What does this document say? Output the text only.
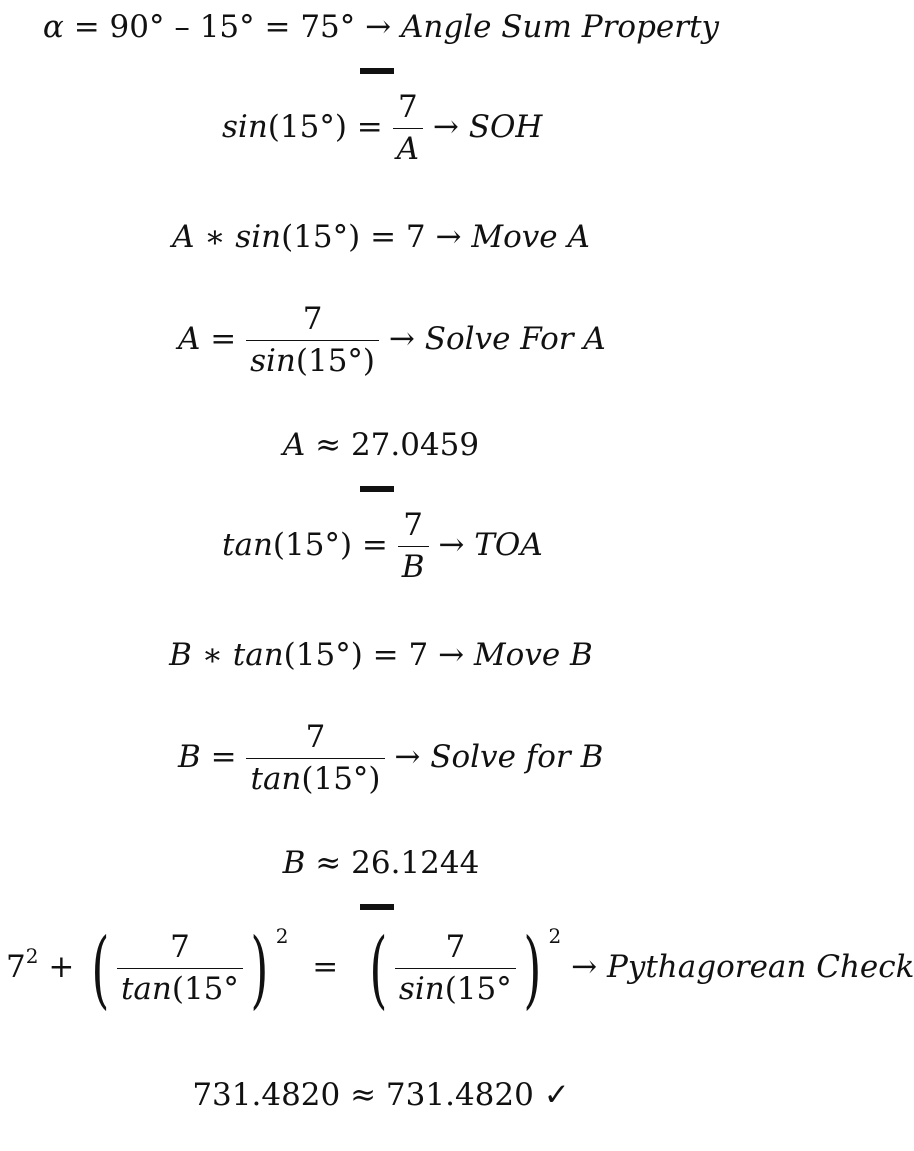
α = 90° – 15° = 75° → Angle Sum Property
$\sin(15^\circ) = \frac{7}{A}$ → SOH
A ∗ sin(15°) = 7 → Move A
$A = \frac{7}{\sin(15^\circ)}$ → Solve For A
A ≈ 27.0459
$\tan(15^\circ) = \frac{7}{B}$ → TOA
B ∗ tan(15°) = 7 → Move B
$B = \frac{7}{\tan(15^\circ)}$ → Solve for B
B ≈ 26.1244
$7^2$ + ( $\frac{7}{\tan(15^\circ}$ ) $^2$ = ( $\frac{7}{\sin(15^\circ}$ ) $^2$ → Pythagorean Check
731.4820 ≈ 731.4820 ✓
